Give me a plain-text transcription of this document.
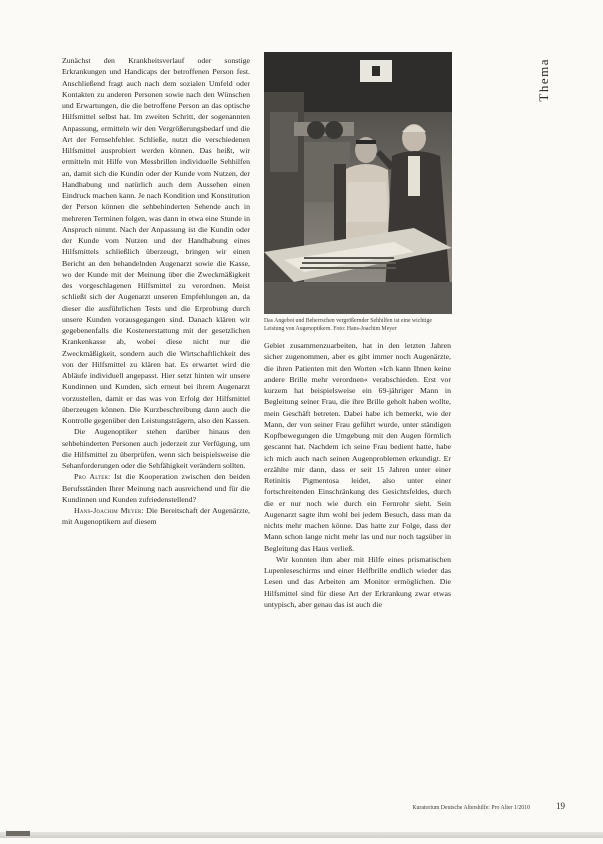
Thema

Zunächst den Krankheitsverlauf oder sonstige Erkrankungen und Handicaps der betroffenen Person fest. Anschließend fragt auch nach dem sozialen Umfeld oder Kontakten zu anderen Personen sowie nach den Wünschen und Erwartungen, die die betroffene Person an das optische Hilfsmittel selbst hat. Im zweiten Schritt, der sogenannten Anpassung, ermitteln wir den Vergrößerungsbedarf und die Art der Fernsehfehler. Schließe, nutzt die verschiedenen Hilfsmittel ausprobiert werden können. Das heißt, wir ermitteln mit Hilfe von Messbrillen individuelle Sehhilfen an, damit sich die Kundin oder der Kunde vom Nutzen, der Handhabung und natürlich auch dem Aussehen einen Eindruck machen kann. Je nach Kondition und Konstitution der Person können die sehbehinderten Sehende auch in mehreren Terminen folgen, was dann in etwa eine Stunde in Anspruch nimmt. Nach der Anpassung ist die Kundin oder der Kunde vom Nutzen und der Handhabung eines Hilfsmittels schließlich überzeugt, bringen wir einen Bericht an den behandelnden Augenarzt sowie die Kasse, wo der Kunde mit der Meinung über die Zweckmäßigkeit des vorgeschlagenen Hilfsmittel zu verordnen. Meist schließt sich der Augenarzt unseren Empfehlungen an, da dieser die ausführlichen Tests und die Erprobung durch unsere Kunden vorausgegangen sind. Danach klären wir gegebenenfalls die Kostenerstattung mit der gesetzlichen Krankenkasse ab, wobei diese nicht nur die Zweckmäßigkeit, sondern auch die Wirtschaftlichkeit des von der Hilfsmittel zu klären hat. Es erwartet wird die Abläufe individuell angepasst. Hier setzt hinten wir unsere Kundinnen und Kunden, sich erneut bei ihrem Augenarzt vorzustellen, damit er das was von Erfolg der Hilfsmittel überzeugen können. Die Kurzbeschreibung dann auch die Kontrolle gegenüber den Leistungsträgern, also den Kassen.

Die Augenoptiker stehen darüber hinaus den sehbehinderten Personen auch jederzeit zur Verfügung, um die Hilfsmittel zu überprüfen, wenn sich beispielsweise die Sehanforderungen oder die Sehfähigkeit verändern sollten.

Pro Alter: Ist die Kooperation zwischen den beiden Berufsständen Ihrer Meinung nach ausreichend und für die Kundinnen und Kunden zufriedenstellend?

Hans-Joachim Meyer: Die Bereitschaft der Augenärzte, mit Augenoptikern auf diesem

Das Angebot und Beherrschen vergrößernder Sehhilfen ist eine wichtige Leistung von Augenoptikern. Foto: Hans-Joachim Meyer

Gebiet zusammenzuarbeiten, hat in den letzten Jahren sicher zugenommen, aber es gibt immer noch Augenärzte, die ihren Patienten mit den Worten »Ich kann Ihnen keine andere Brille mehr verordnen« verabschieden. Erst vor kurzem hat beispielsweise ein 69-jähriger Mann in Begleitung seiner Frau, die ihre Brille geholt haben wollte, mein Geschäft betreten. Dabei habe ich bemerkt, wie der Mann, der von seiner Frau geführt wurde, unter ständigen Kopfbewegungen die Umgebung mit den Augen förmlich gescannt hat. Nachdem ich seine Frau bedient hatte, habe ich mich auch nach seinen Augenproblemen erkundigt. Er erzählte mir dann, dass er seit 15 Jahren unter einer Retinitis Pigmentosa leidet, also unter einer fortschreitenden Einschränkung des Gesichtsfeldes, durch die er nur noch wie durch ein Fernrohr sieht. Sein Augenarzt sagte ihm wohl bei jedem Besuch, dass man da nichts mehr machen könne. Das hatte zur Folge, dass der Mann schon lange nicht mehr las und nur noch tagsüber in Begleitung das Haus verließ.

Wir konnten ihm aber mit Hilfe eines prismatischen Lupenleseschirms und einer Helfbrille endlich wieder das Lesen und das Arbeiten am Monitor ermöglichen. Die Hilfsmittel sind für diese Art der Erkrankung zwar etwas untypisch, aber genau das ist auch die

Kuratorium Deutsche Altershilfe: Pro Alter 1/2010	19
